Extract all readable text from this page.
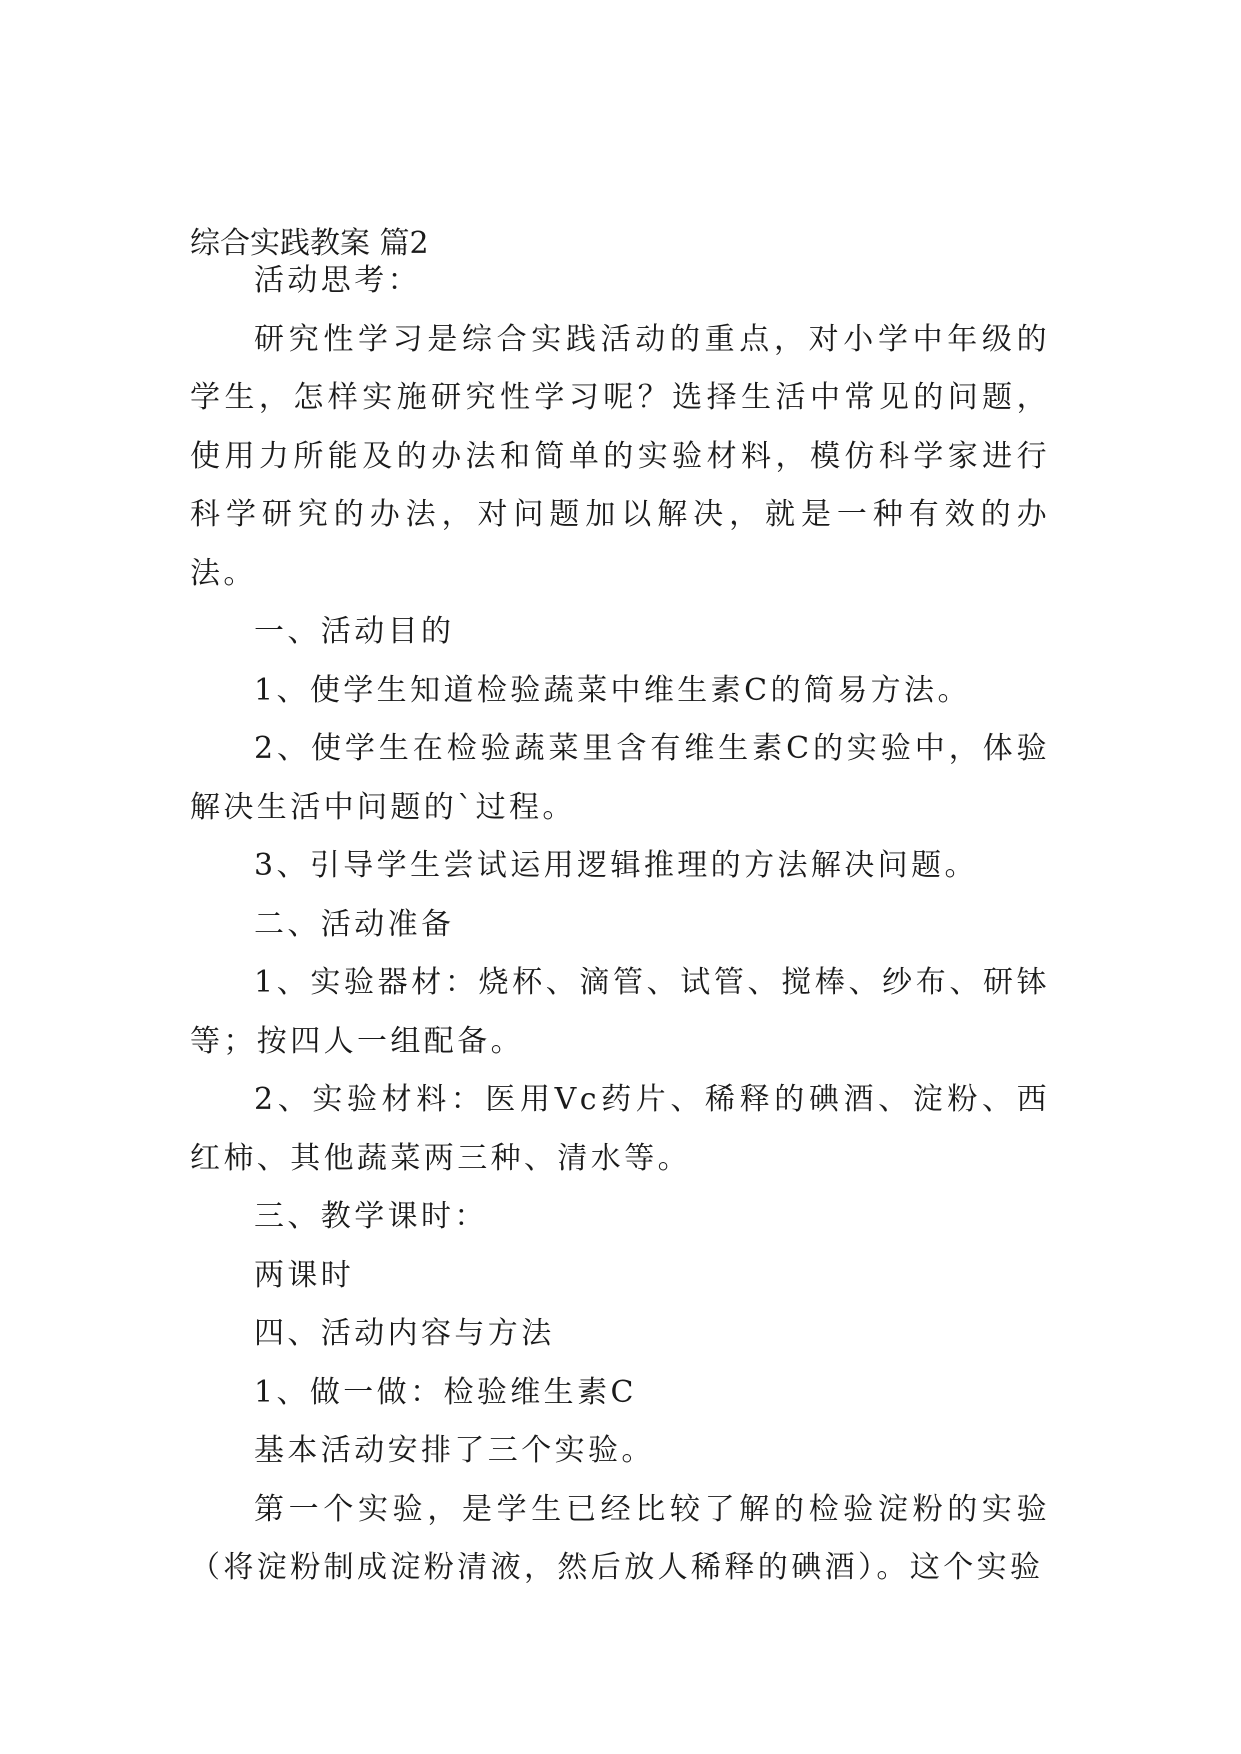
综合实践教案 篇2

活动思考：

研究性学习是综合实践活动的重点，对小学中年级的学生，怎样实施研究性学习呢？选择生活中常见的问题，使用力所能及的办法和简单的实验材料，模仿科学家进行科学研究的办法，对问题加以解决，就是一种有效的办法。

一、活动目的

1、使学生知道检验蔬菜中维生素C的简易方法。

2、使学生在检验蔬菜里含有维生素C的实验中，体验解决生活中问题的`过程。

3、引导学生尝试运用逻辑推理的方法解决问题。

二、活动准备

1、实验器材：烧杯、滴管、试管、搅棒、纱布、研钵等；按四人一组配备。

2、实验材料：医用Vc药片、稀释的碘酒、淀粉、西红柿、其他蔬菜两三种、清水等。

三、教学课时：

两课时

四、活动内容与方法

1、做一做：检验维生素C

基本活动安排了三个实验。

第一个实验，是学生已经比较了解的检验淀粉的实验（将淀粉制成淀粉清液，然后放人稀释的碘酒）。这个实验
